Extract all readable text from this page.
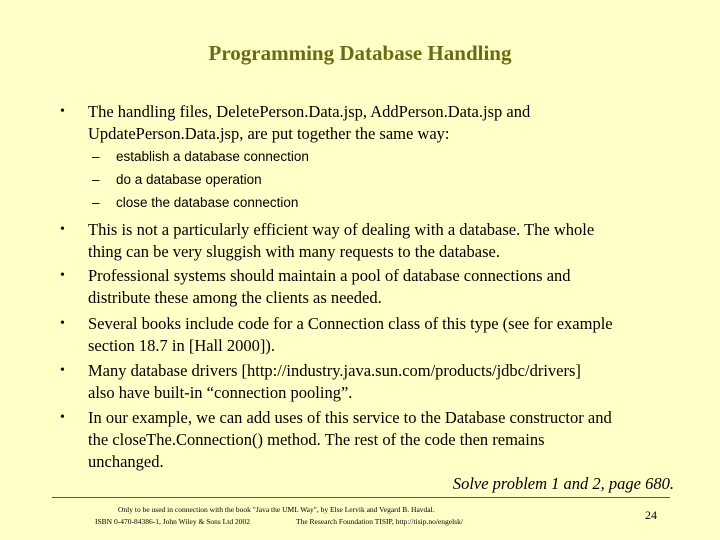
Programming Database Handling
• The handling files, DeletePerson.Data.jsp, AddPerson.Data.jsp and
UpdatePerson.Data.jsp, are put together the same way:
– establish a database connection
– do a database operation
– close the database connection
• This is not a particularly efficient way of dealing with a database. The whole
thing can be very sluggish with many requests to the database.
• Professional systems should maintain a pool of database connections and
distribute these among the clients as needed.
• Several books include code for a Connection class of this type (see for example
section 18.7 in [Hall 2000]).
• Many database drivers [http://industry.java.sun.com/products/jdbc/drivers]
also have built-in “connection pooling”.
• In our example, we can add uses of this service to the Database constructor and
the closeThe.Connection() method. The rest of the code then remains
unchanged.
Solve problem 1 and 2, page 680.
Only to be used in connection with the book "Java the UML Way", by Else Lervik and Vegard B. Havdal.
ISBN 0-470-84386-1, John Wiley & Sons Ltd 2002	The Research Foundation TISIP, http://tisip.no/engelsk/	24
